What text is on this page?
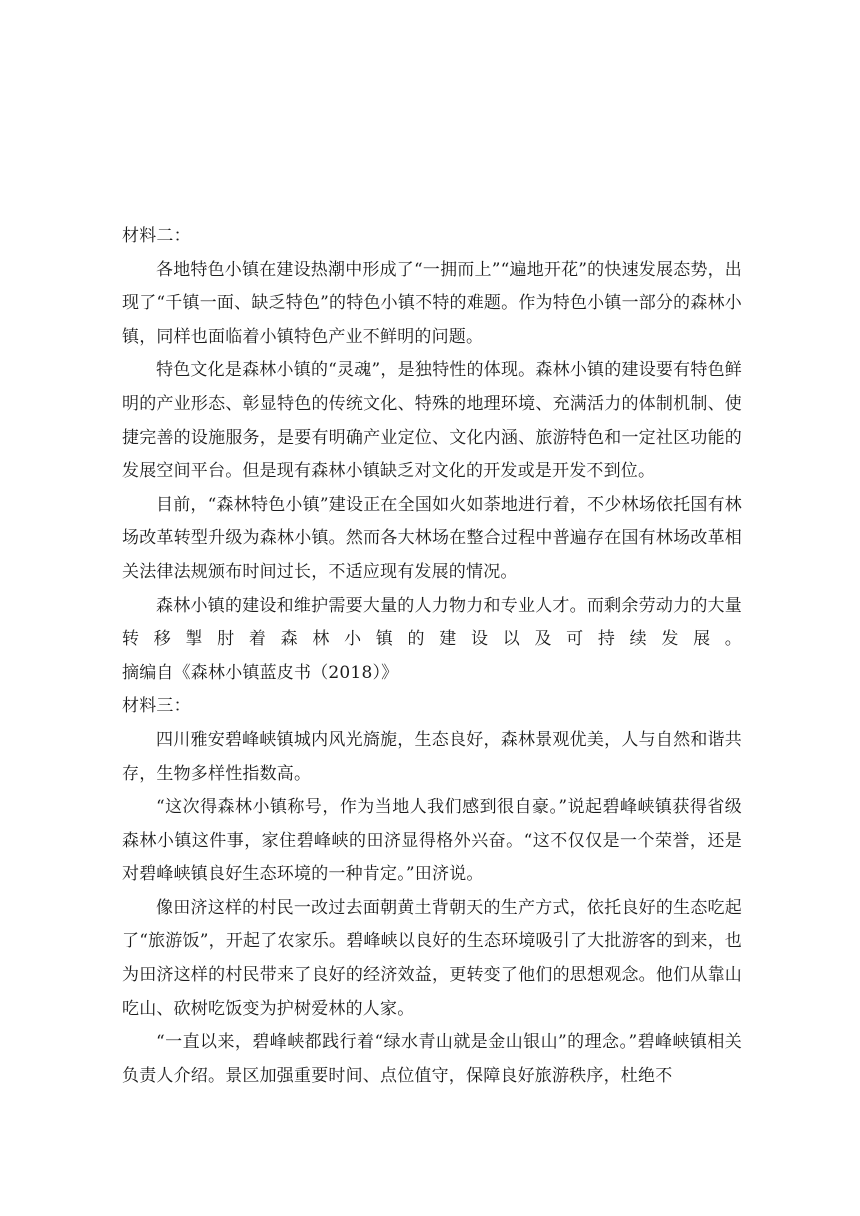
材料二：

各地特色小镇在建设热潮中形成了“一拥而上”“遍地开花”的快速发展态势，出现了“千镇一面、缺乏特色”的特色小镇不特的难题。作为特色小镇一部分的森林小镇，同样也面临着小镇特色产业不鲜明的问题。

特色文化是森林小镇的“灵魂”，是独特性的体现。森林小镇的建设要有特色鲜明的产业形态、彰显特色的传统文化、特殊的地理环境、充满活力的体制机制、使捷完善的设施服务，是要有明确产业定位、文化内涵、旅游特色和一定社区功能的发展空间平台。但是现有森林小镇缺乏对文化的开发或是开发不到位。

目前，“森林特色小镇”建设正在全国如火如荼地进行着，不少林场依托国有林场改革转型升级为森林小镇。然而各大林场在整合过程中普遍存在国有林场改革相关法律法规颁布时间过长，不适应现有发展的情况。

森林小镇的建设和维护需要大量的人力物力和专业人才。而剩余劳动力的大量转移掣肘着森林小镇的建设以及可持续发展。摘编自《森林小镇蓝皮书（2018）》

材料三：

四川雅安碧峰峡镇城内风光旖旎，生态良好，森林景观优美，人与自然和谐共存，生物多样性指数高。

“这次得森林小镇称号，作为当地人我们感到很自豪。”说起碧峰峡镇获得省级森林小镇这件事，家住碧峰峡的田济显得格外兴奋。“这不仅仅是一个荣誉，还是对碧峰峡镇良好生态环境的一种肯定。”田济说。

像田济这样的村民一改过去面朝黄土背朝天的生产方式，依托良好的生态吃起了“旅游饭”，开起了农家乐。碧峰峡以良好的生态环境吸引了大批游客的到来，也为田济这样的村民带来了良好的经济效益，更转变了他们的思想观念。他们从靠山吃山、砍树吃饭变为护树爱林的人家。

“一直以来，碧峰峡都践行着“绿水青山就是金山银山”的理念。”碧峰峡镇相关负责人介绍。景区加强重要时间、点位值守，保障良好旅游秩序，杜绝不
